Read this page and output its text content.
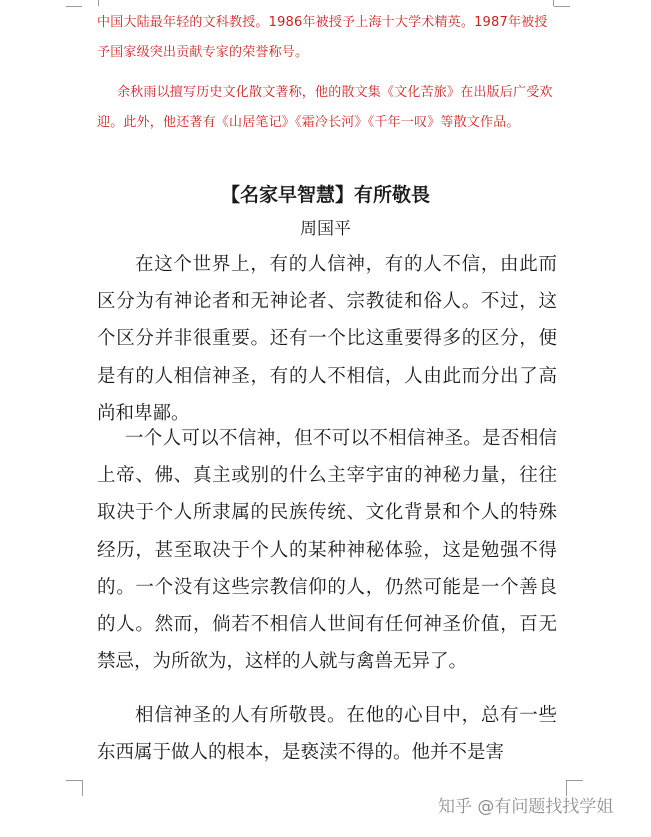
中国大陆最年轻的文科教授。1986年被授予上海十大学术精英。1987年被授予国家级突出贡献专家的荣誉称号。

余秋雨以擅写历史文化散文著称，他的散文集《文化苦旅》在出版后广受欢迎。此外，他还著有《山居笔记》《霜冷长河》《千年一叹》等散文作品。

【名家早智慧】有所敬畏
周国平

在这个世界上，有的人信神，有的人不信，由此而区分为有神论者和无神论者、宗教徒和俗人。不过，这个区分并非很重要。还有一个比这重要得多的区分，便是有的人相信神圣，有的人不相信，人由此而分出了高尚和卑鄙。

一个人可以不信神，但不可以不相信神圣。是否相信上帝、佛、真主或别的什么主宰宇宙的神秘力量，往往取决于个人所隶属的民族传统、文化背景和个人的特殊经历，甚至取决于个人的某种神秘体验，这是勉强不得的。一个没有这些宗教信仰的人，仍然可能是一个善良的人。然而，倘若不相信人世间有任何神圣价值，百无禁忌，为所欲为，这样的人就与禽兽无异了。

相信神圣的人有所敬畏。在他的心目中，总有一些东西属于做人的根本，是亵渎不得的。他并不是害

知乎 @有问题找找学姐
